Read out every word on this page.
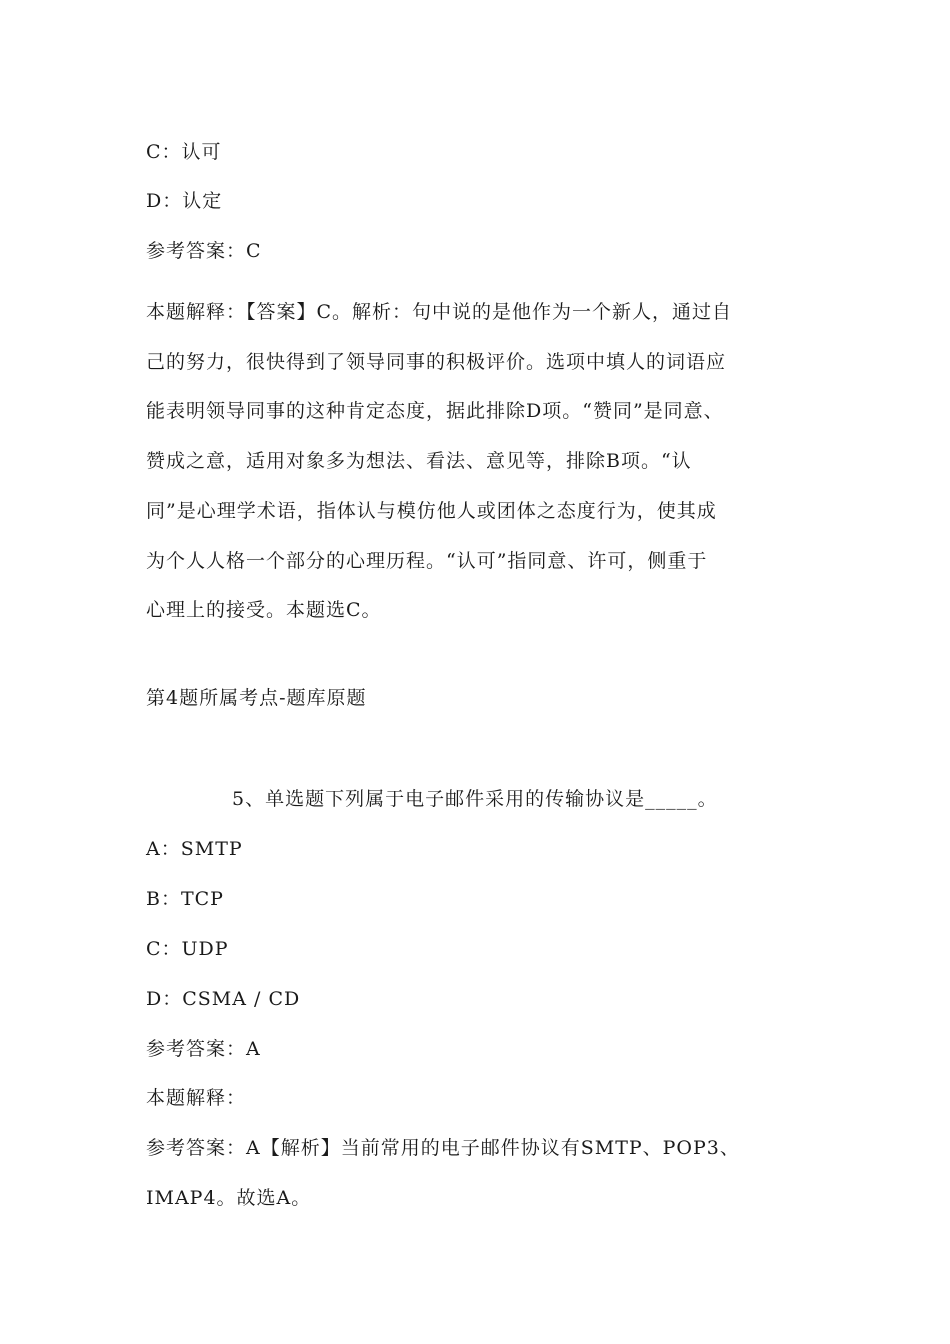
C：认可
D：认定
参考答案：C
本题解释：【答案】C。解析：句中说的是他作为一个新人，通过自
己的努力，很快得到了领导同事的积极评价。选项中填人的词语应
能表明领导同事的这种肯定态度，据此排除D项。“赞同”是同意、
赞成之意，适用对象多为想法、看法、意见等，排除B项。“认
同”是心理学术语，指体认与模仿他人或团体之态度行为，使其成
为个人人格一个部分的心理历程。“认可”指同意、许可，侧重于
心理上的接受。本题选C。
第4题所属考点-题库原题
5、单选题下列属于电子邮件采用的传输协议是_____。
A：SMTP
B：TCP
C：UDP
D：CSMA / CD
参考答案：A
本题解释：
参考答案：A【解析】当前常用的电子邮件协议有SMTP、POP3、
IMAP4。故选A。
